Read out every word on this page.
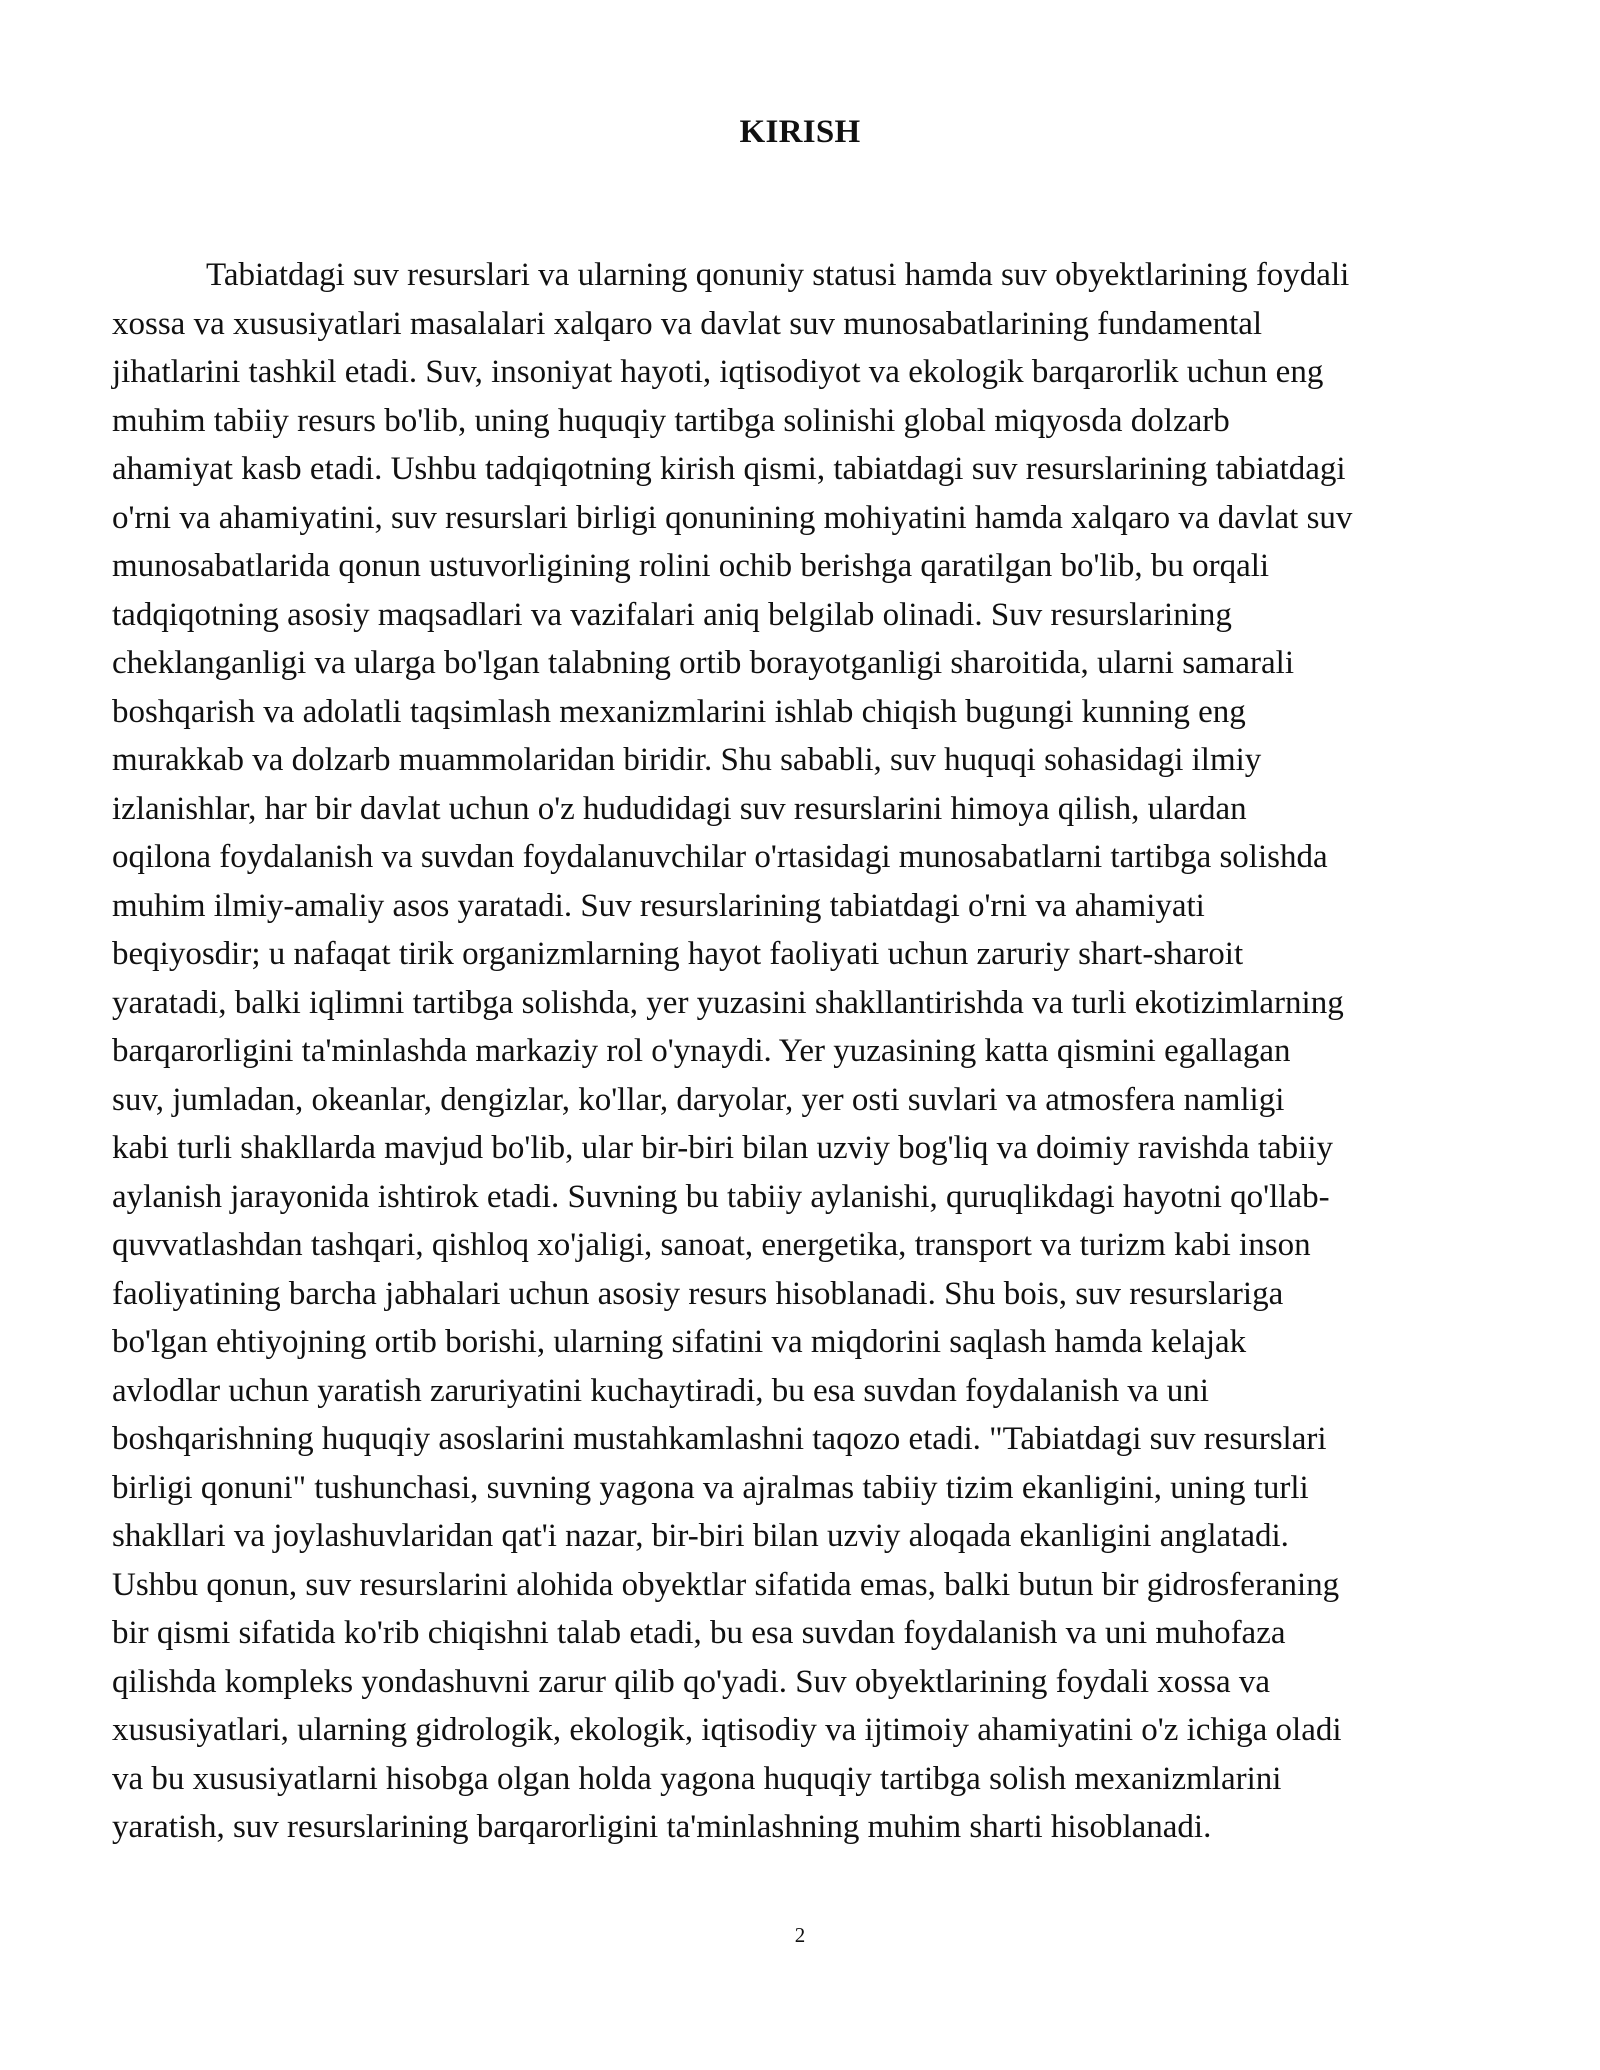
KIRISH
Tabiatdagi suv resurslari va ularning qonuniy statusi hamda suv obyektlarining foydali
xossa va xususiyatlari masalalari xalqaro va davlat suv munosabatlarining fundamental
jihatlarini tashkil etadi. Suv, insoniyat hayoti, iqtisodiyot va ekologik barqarorlik uchun eng
muhim tabiiy resurs bo'lib, uning huquqiy tartibga solinishi global miqyosda dolzarb
ahamiyat kasb etadi. Ushbu tadqiqotning kirish qismi, tabiatdagi suv resurslarining tabiatdagi
o'rni va ahamiyatini, suv resurslari birligi qonunining mohiyatini hamda xalqaro va davlat suv
munosabatlarida qonun ustuvorligining rolini ochib berishga qaratilgan bo'lib, bu orqali
tadqiqotning asosiy maqsadlari va vazifalari aniq belgilab olinadi. Suv resurslarining
cheklanganligi va ularga bo'lgan talabning ortib borayotganligi sharoitida, ularni samarali
boshqarish va adolatli taqsimlash mexanizmlarini ishlab chiqish bugungi kunning eng
murakkab va dolzarb muammolaridan biridir. Shu sababli, suv huquqi sohasidagi ilmiy
izlanishlar, har bir davlat uchun o'z hududidagi suv resurslarini himoya qilish, ulardan
oqilona foydalanish va suvdan foydalanuvchilar o'rtasidagi munosabatlarni tartibga solishda
muhim ilmiy-amaliy asos yaratadi. Suv resurslarining tabiatdagi o'rni va ahamiyati
beqiyosdir; u nafaqat tirik organizmlarning hayot faoliyati uchun zaruriy shart-sharoit
yaratadi, balki iqlimni tartibga solishda, yer yuzasini shakllantirishda va turli ekotizimlarning
barqarorligini ta'minlashda markaziy rol o'ynaydi. Yer yuzasining katta qismini egallagan
suv, jumladan, okeanlar, dengizlar, ko'llar, daryolar, yer osti suvlari va atmosfera namligi
kabi turli shakllarda mavjud bo'lib, ular bir-biri bilan uzviy bog'liq va doimiy ravishda tabiiy
aylanish jarayonida ishtirok etadi. Suvning bu tabiiy aylanishi, quruqlikdagi hayotni qo'llab-
quvvatlashdan tashqari, qishloq xo'jaligi, sanoat, energetika, transport va turizm kabi inson
faoliyatining barcha jabhalari uchun asosiy resurs hisoblanadi. Shu bois, suv resurslariga
bo'lgan ehtiyojning ortib borishi, ularning sifatini va miqdorini saqlash hamda kelajak
avlodlar uchun yaratish zaruriyatini kuchaytiradi, bu esa suvdan foydalanish va uni
boshqarishning huquqiy asoslarini mustahkamlashni taqozo etadi. "Tabiatdagi suv resurslari
birligi qonuni" tushunchasi, suvning yagona va ajralmas tabiiy tizim ekanligini, uning turli
shakllari va joylashuvlaridan qat'i nazar, bir-biri bilan uzviy aloqada ekanligini anglatadi.
Ushbu qonun, suv resurslarini alohida obyektlar sifatida emas, balki butun bir gidrosferaning
bir qismi sifatida ko'rib chiqishni talab etadi, bu esa suvdan foydalanish va uni muhofaza
qilishda kompleks yondashuvni zarur qilib qo'yadi. Suv obyektlarining foydali xossa va
xususiyatlari, ularning gidrologik, ekologik, iqtisodiy va ijtimoiy ahamiyatini o'z ichiga oladi
va bu xususiyatlarni hisobga olgan holda yagona huquqiy tartibga solish mexanizmlarini
yaratish, suv resurslarining barqarorligini ta'minlashning muhim sharti hisoblanadi.
2
